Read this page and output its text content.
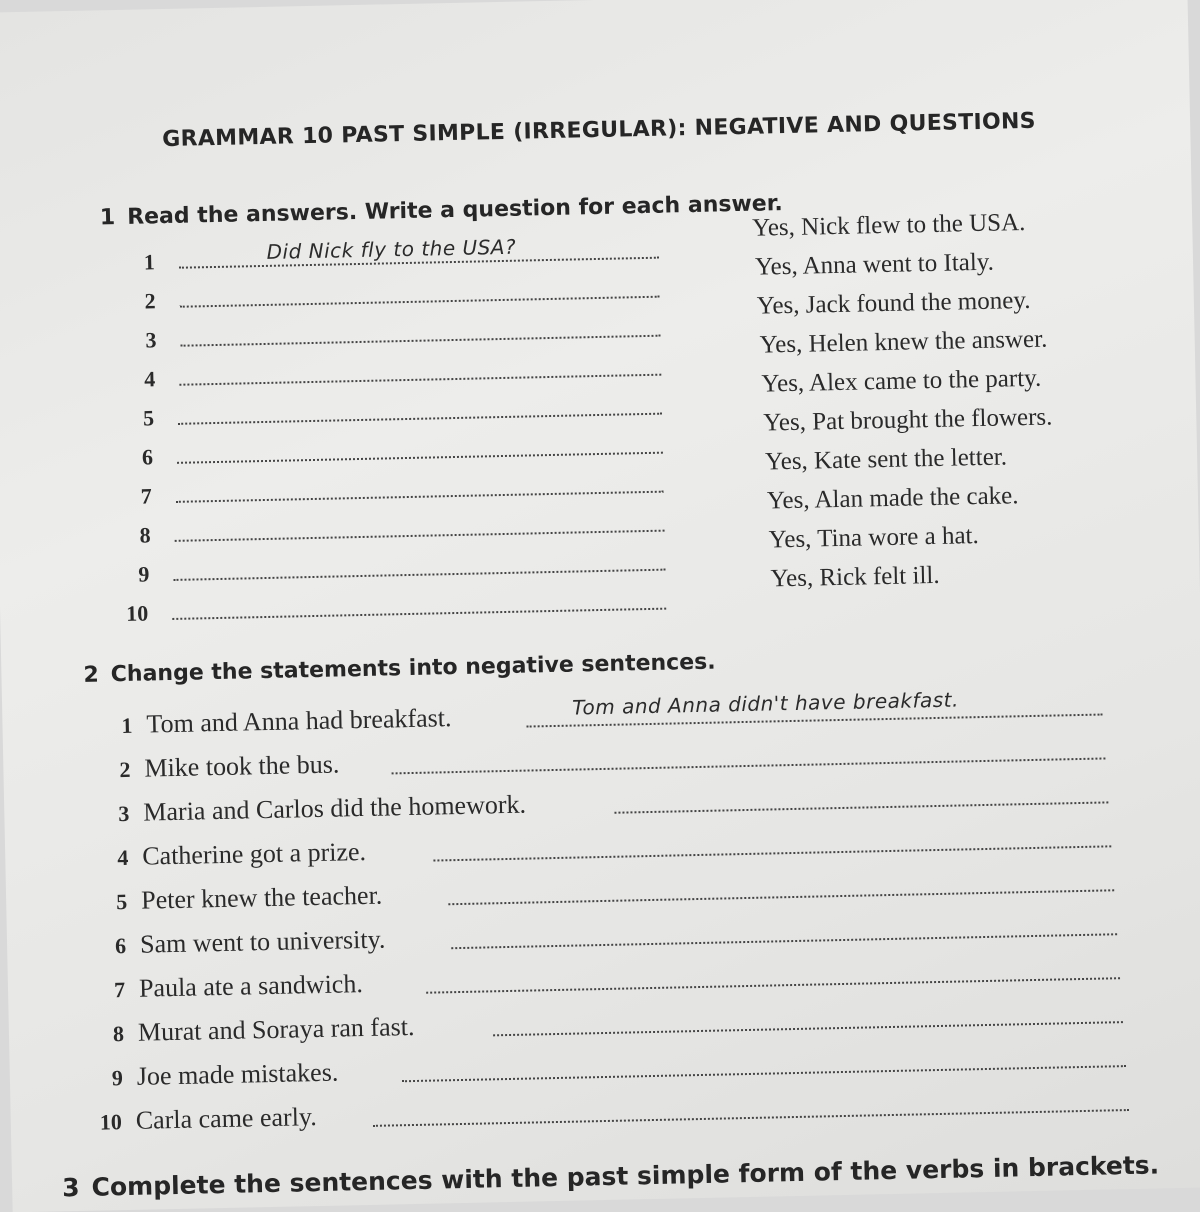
GRAMMAR 10 PAST SIMPLE (IRREGULAR): NEGATIVE AND QUESTIONS
1 Read the answers. Write a question for each answer.
1	Did Nick fly to the USA?
Yes, Nick flew to the USA.
2
Yes, Anna went to Italy.
3
Yes, Jack found the money.
4
Yes, Helen knew the answer.
5
Yes, Alex came to the party.
6
Yes, Pat brought the flowers.
7
Yes, Kate sent the letter.
8
Yes, Alan made the cake.
9
Yes, Tina wore a hat.
10
Yes, Rick felt ill.
2 Change the statements into negative sentences.
1 Tom and Anna had breakfast.	Tom and Anna didn't have breakfast.
2 Mike took the bus.
3 Maria and Carlos did the homework.
4 Catherine got a prize.
5 Peter knew the teacher.
6 Sam went to university.
7 Paula ate a sandwich.
8 Murat and Soraya ran fast.
9 Joe made mistakes.
10 Carla came early.
3 Complete the sentences with the past simple form of the verbs in brackets.
